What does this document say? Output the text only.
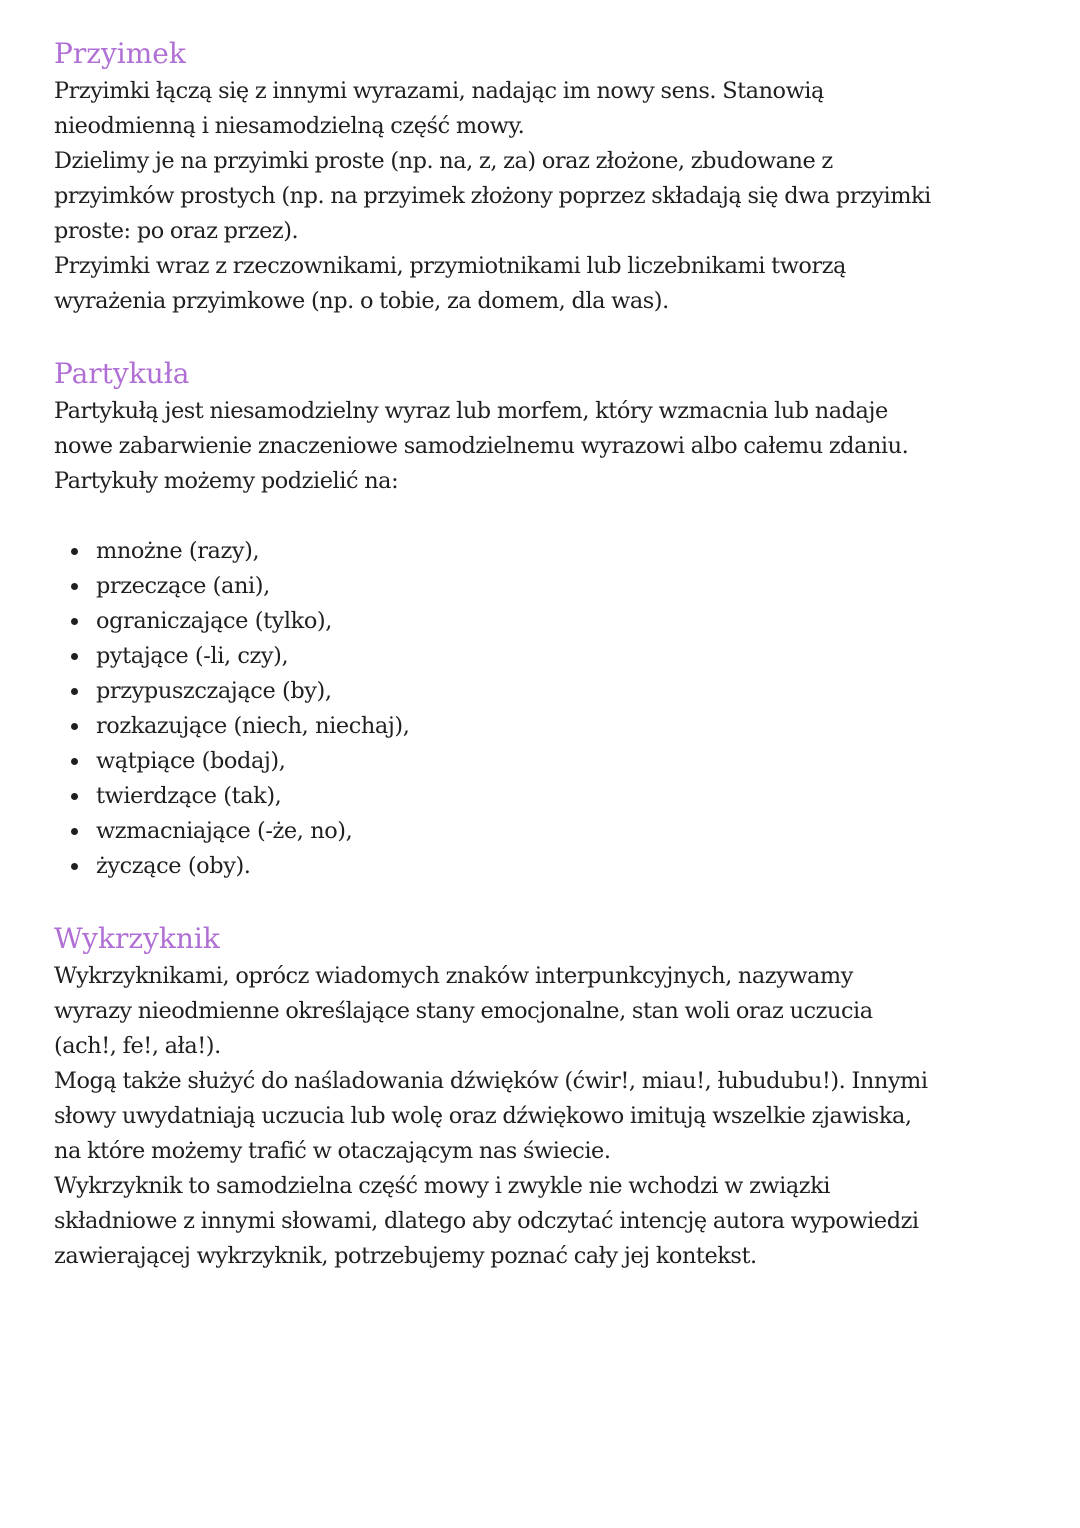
Przyimek

Przyimki łączą się z innymi wyrazami, nadając im nowy sens. Stanowią

nieodmienną i niesamodzielną część mowy.

Dzielimy je na przyimki proste (np. na, z, za) oraz złożone, zbudowane z

przyimków prostych (np. na przyimek złożony poprzez składają się dwa przyimki

proste: po oraz przez).

Przyimki wraz z rzeczownikami, przymiotnikami lub liczebnikami tworzą

wyrażenia przyimkowe (np. o tobie, za domem, dla was).

Partykuła

Partykułą jest niesamodzielny wyraz lub morfem, który wzmacnia lub nadaje

nowe zabarwienie znaczeniowe samodzielnemu wyrazowi albo całemu zdaniu.

Partykuły możemy podzielić na:

mnożne (razy),
przeczące (ani),
ograniczające (tylko),
pytające (-li, czy),
przypuszczające (by),
rozkazujące (niech, niechaj),
wątpiące (bodaj),
twierdzące (tak),
wzmacniające (-że, no),
życzące (oby).
Wykrzyknik

Wykrzyknikami, oprócz wiadomych znaków interpunkcyjnych, nazywamy

wyrazy nieodmienne określające stany emocjonalne, stan woli oraz uczucia

(ach!, fe!, ała!).

Mogą także służyć do naśladowania dźwięków (ćwir!, miau!, łubudubu!). Innymi

słowy uwydatniają uczucia lub wolę oraz dźwiękowo imitują wszelkie zjawiska,

na które możemy trafić w otaczającym nas świecie.

Wykrzyknik to samodzielna część mowy i zwykle nie wchodzi w związki

składniowe z innymi słowami, dlatego aby odczytać intencję autora wypowiedzi

zawierającej wykrzyknik, potrzebujemy poznać cały jej kontekst.
